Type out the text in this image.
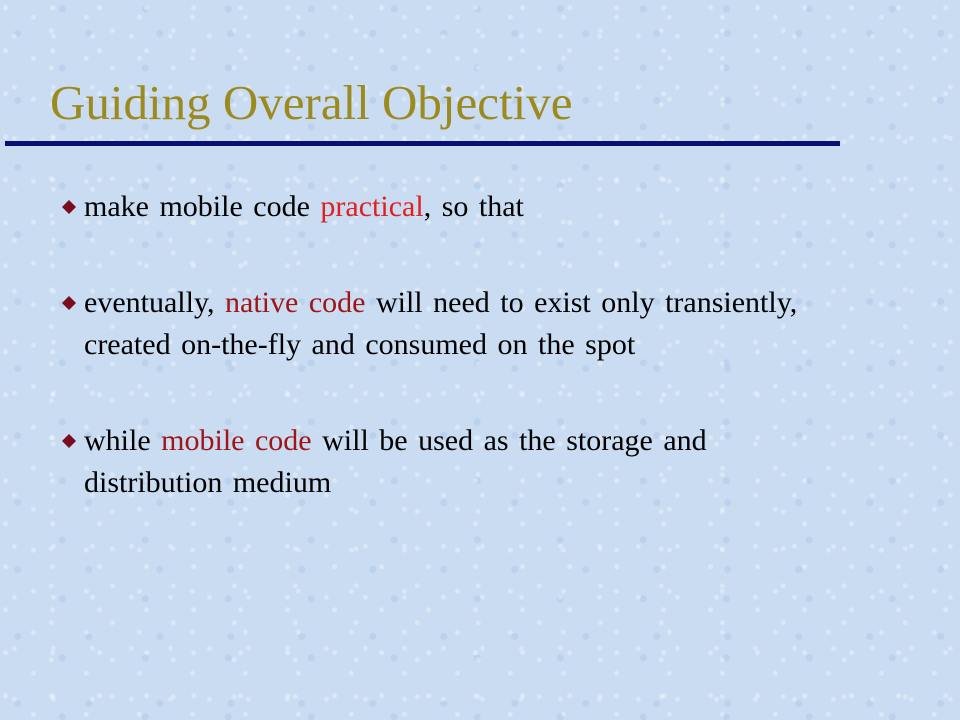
Guiding Overall Objective
make mobile code practical, so that
eventually, native code will need to exist only transiently, created on-the-fly and consumed on the spot
while mobile code will be used as the storage and distribution medium
